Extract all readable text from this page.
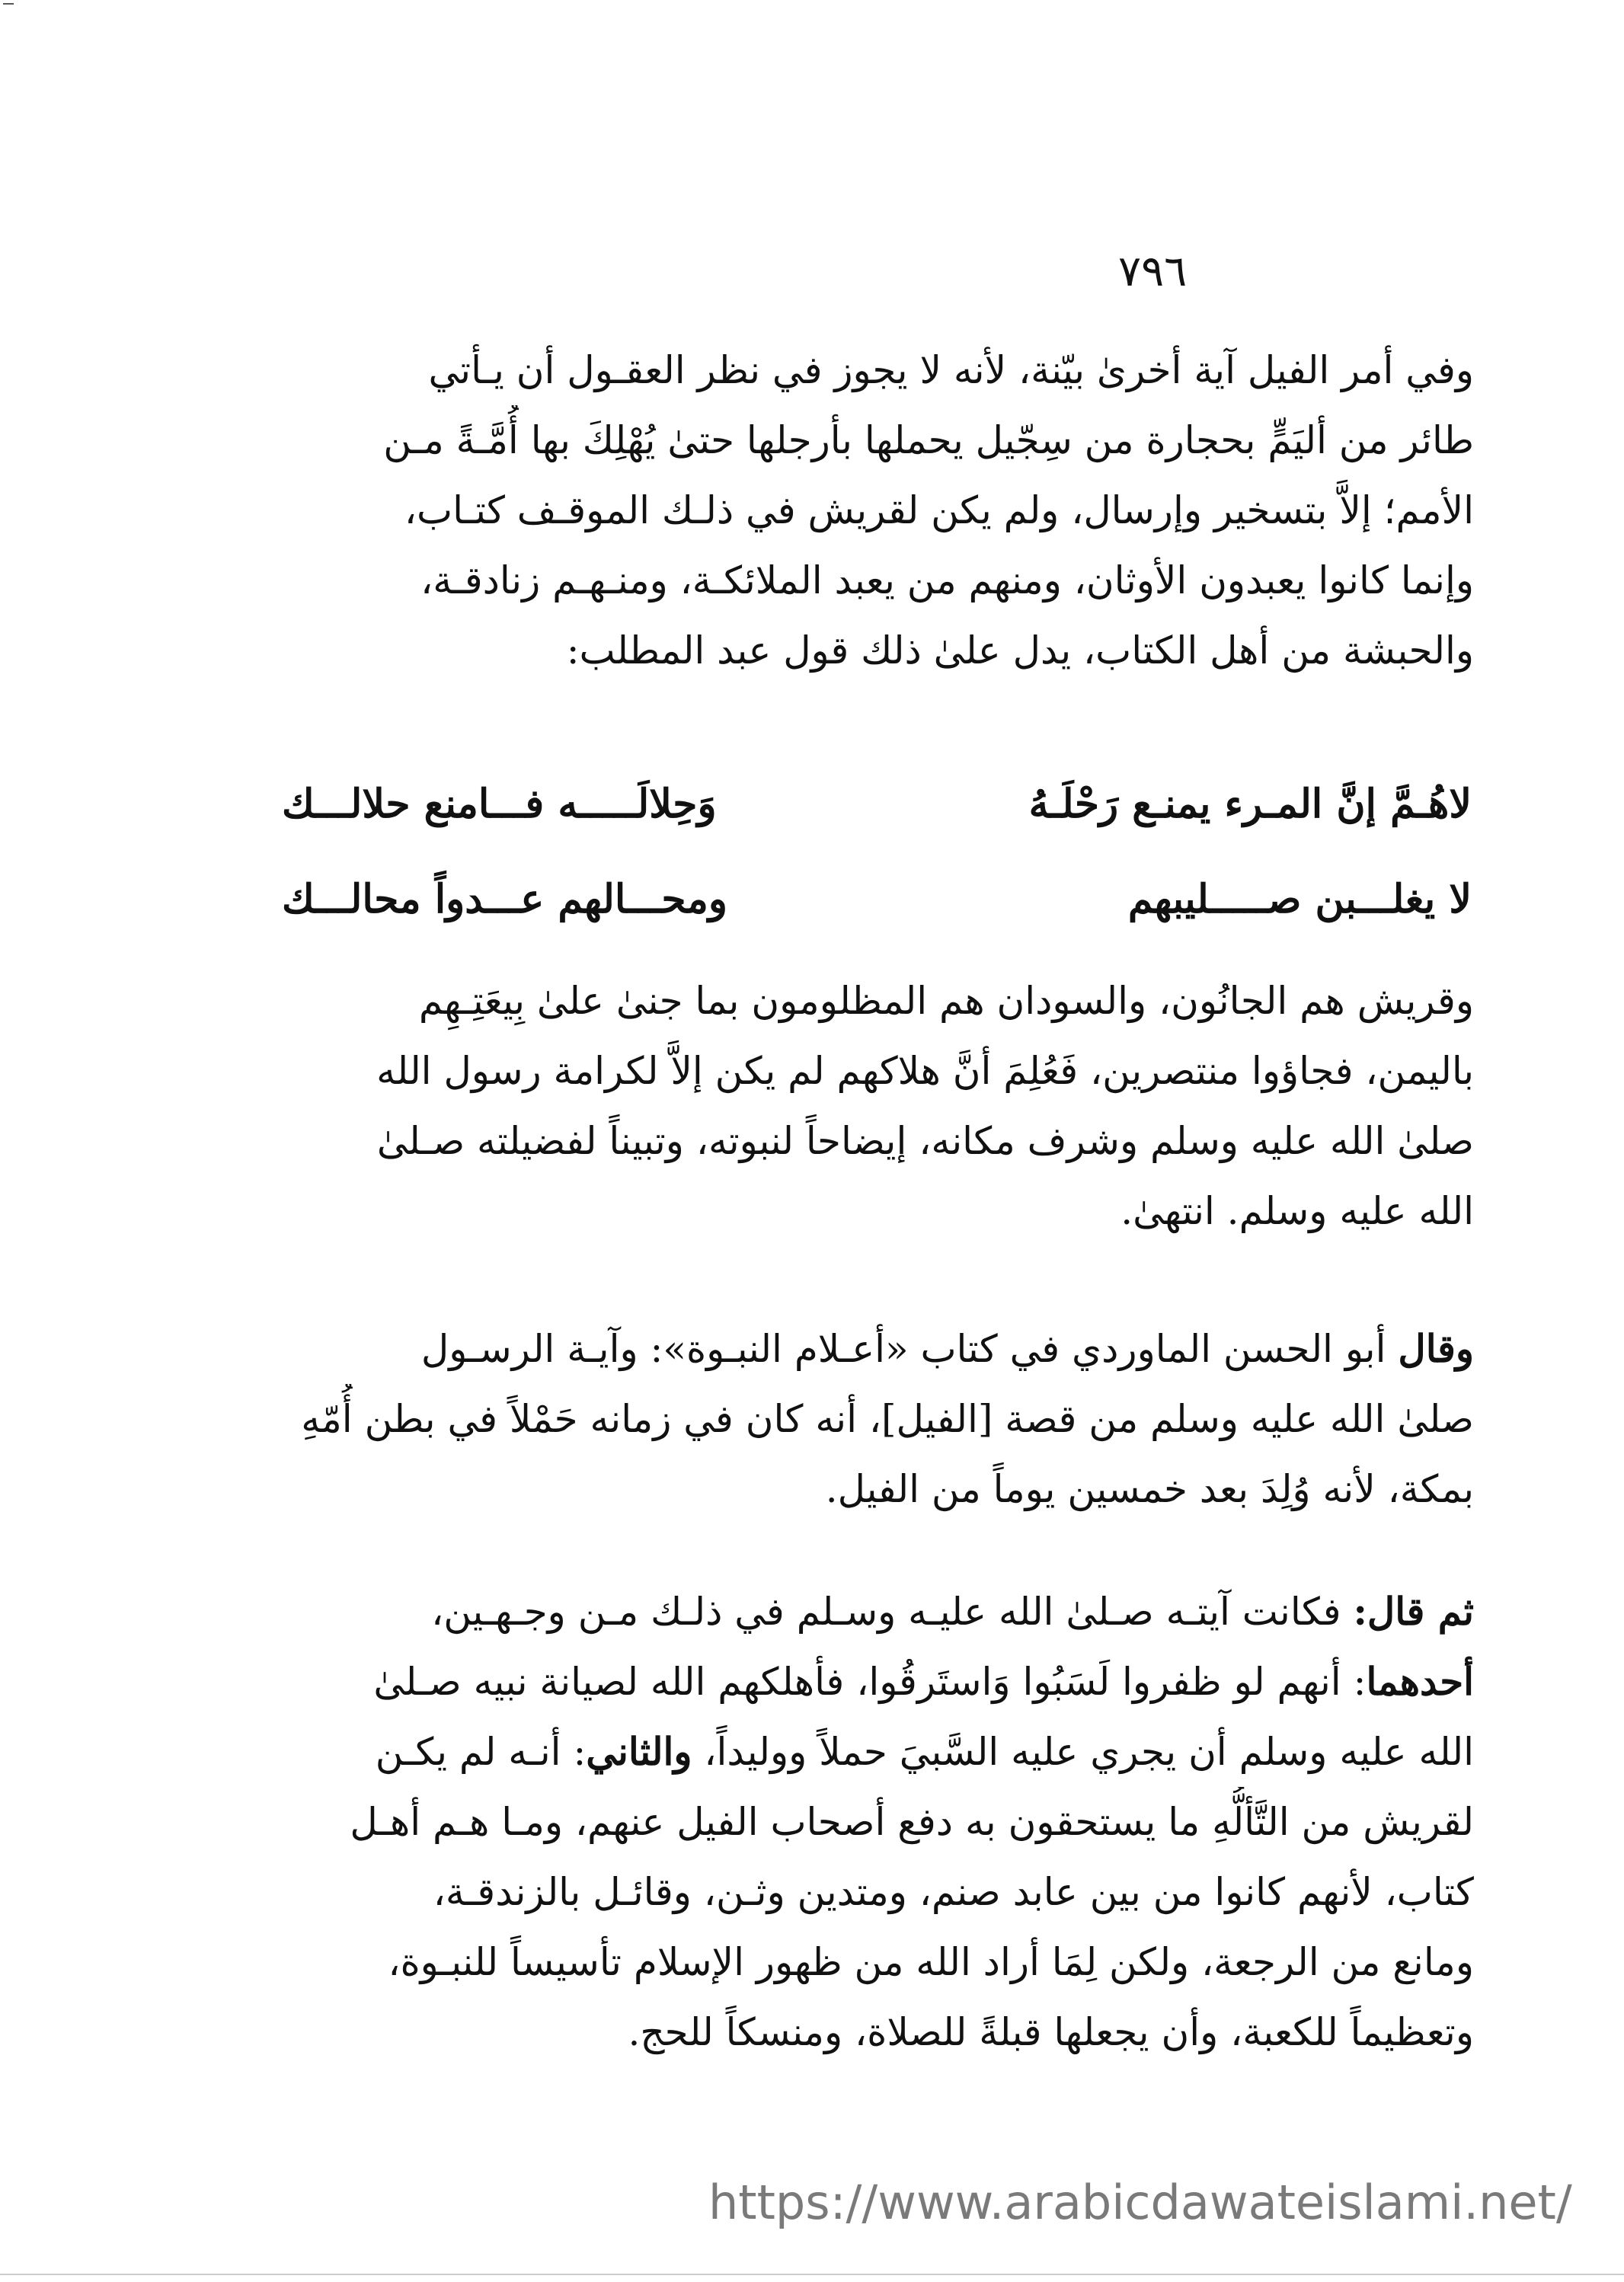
٧٩٦
وفي أمر الفيل آية أخرىٰ بيّنة، لأنه لا يجوز في نظر العقـول أن يـأتي
طائر من أليَمٍّ بحجارة من سِجّيل يحملها بأرجلها حتىٰ يُهْلِكَ بها أُمَّـةً مـن
الأمم؛ إلاَّ بتسخير وإرسال، ولم يكن لقريش في ذلـك الموقـف كتـاب،
وإنما كانوا يعبدون الأوثان، ومنهم من يعبد الملائكـة، ومنـهـم زنادقـة،
والحبشة من أهل الكتاب، يدل علىٰ ذلك قول عبد المطلب:
لاهُـمَّ إنَّ المـرء يمنـع رَحْلَـهُ
وَحِلالَـــــه فـــامنع حلالـــك
لا يغلـــبن صـــــليبهم
ومحـــالهم عـــدواً محالـــك
وقريش هم الجانُون، والسودان هم المظلومون بما جنىٰ علىٰ بِيعَتِـهِم
باليمن، فجاؤوا منتصرين، فَعُلِمَ أنَّ هلاكهم لم يكن إلاَّ لكرامة رسول الله
صلىٰ الله عليه وسلم وشرف مكانه، إيضاحاً لنبوته، وتبيناً لفضيلته صـلىٰ
الله عليه وسلم. انتهىٰ.
وقال أبو الحسن الماوردي في كتاب «أعـلام النبـوة»: وآيـة الرسـول
صلىٰ الله عليه وسلم من قصة [الفيل]، أنه كان في زمانه حَمْلاً في بطن أُمّهِ
بمكة، لأنه وُلِدَ بعد خمسين يوماً من الفيل.
ثم قال: فكانت آيتـه صـلىٰ الله عليـه وسـلم في ذلـك مـن وجـهـين،
أحدهما: أنهم لو ظفروا لَسَبُوا وَاستَرقُوا، فأهلكهم الله لصيانة نبيه صـلىٰ
الله عليه وسلم أن يجري عليه السَّبيَ حملاً ووليداً، والثاني: أنـه لم يكـن
لقريش من التَّألُّهِ ما يستحقون به دفع أصحاب الفيل عنهم، ومـا هـم أهـل
كتاب، لأنهم كانوا من بين عابد صنم، ومتدين وثـن، وقائـل بالزندقـة،
ومانع من الرجعة، ولكن لِمَا أراد الله من ظهور الإسلام تأسيساً للنبـوة،
وتعظيماً للكعبة، وأن يجعلها قبلةً للصلاة، ومنسكاً للحج.
https://www.arabicdawateislami.net/
